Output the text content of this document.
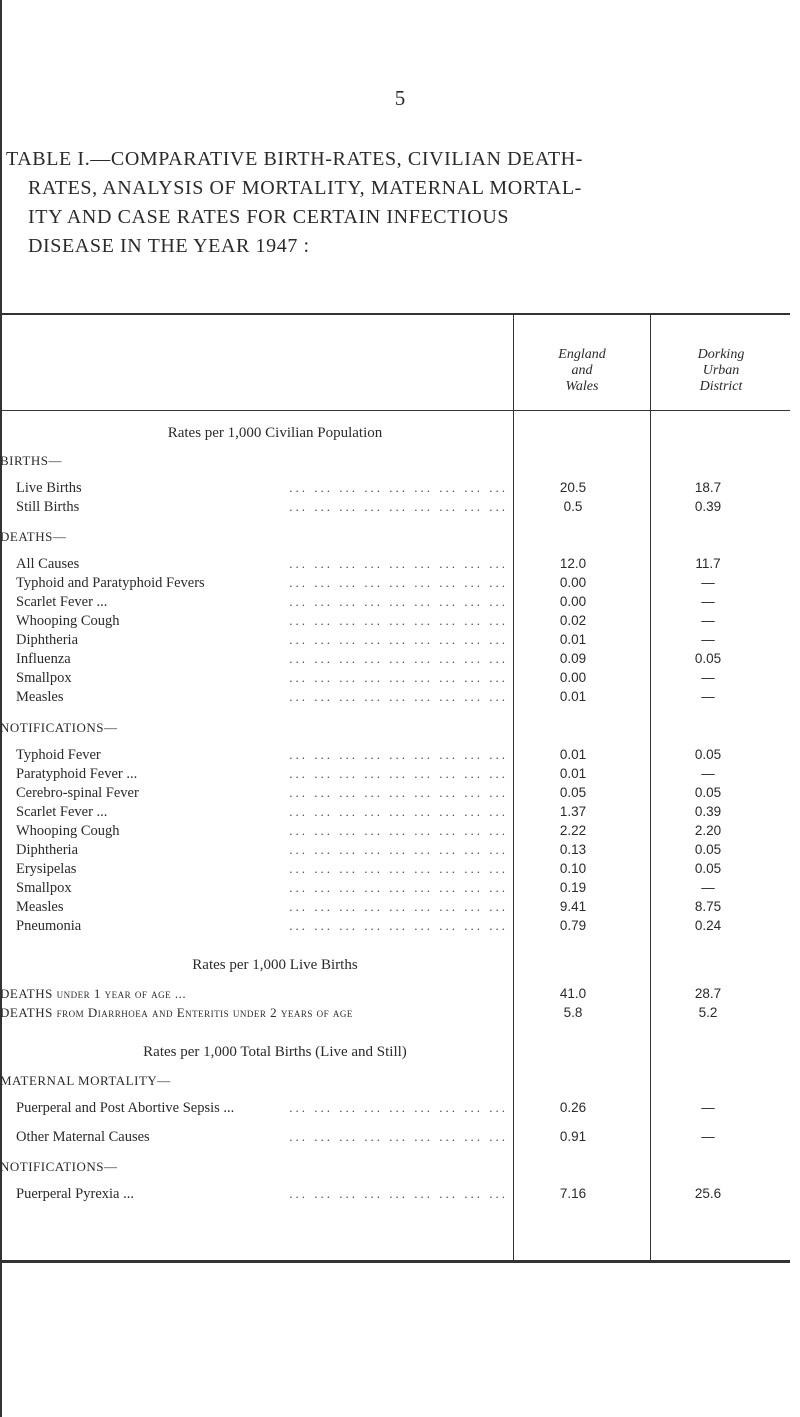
5
TABLE I.—COMPARATIVE BIRTH-RATES, CIVILIAN DEATH-
RATES, ANALYSIS OF MORTALITY, MATERNAL MORTAL-
ITY AND CASE RATES FOR CERTAIN INFECTIOUS
DISEASE IN THE YEAR 1947 :
England
and
Wales
Dorking
Urban
District
Rates per 1,000 Civilian Population
BIRTHS—
Live Births	... ... ... ... ... ... ... ... ...	20.5	18.7
Still Births	... ... ... ... ... ... ... ... ...	0.5	0.39
DEATHS—
All Causes	... ... ... ... ... ... ... ... ...	12.0	11.7
Typhoid and Paratyphoid Fevers	... ... ... ... ... ... ... ... ...	0.00	—
Scarlet Fever ...	... ... ... ... ... ... ... ... ...	0.00	—
Whooping Cough	... ... ... ... ... ... ... ... ...	0.02	—
Diphtheria	... ... ... ... ... ... ... ... ...	0.01	—
Influenza	... ... ... ... ... ... ... ... ...	0.09	0.05
Smallpox	... ... ... ... ... ... ... ... ...	0.00	—
Measles	... ... ... ... ... ... ... ... ...	0.01	—
NOTIFICATIONS—
Typhoid Fever	... ... ... ... ... ... ... ... ...	0.01	0.05
Paratyphoid Fever ...	... ... ... ... ... ... ... ... ...	0.01	—
Cerebro-spinal Fever	... ... ... ... ... ... ... ... ...	0.05	0.05
Scarlet Fever ...	... ... ... ... ... ... ... ... ...	1.37	0.39
Whooping Cough	... ... ... ... ... ... ... ... ...	2.22	2.20
Diphtheria	... ... ... ... ... ... ... ... ...	0.13	0.05
Erysipelas	... ... ... ... ... ... ... ... ...	0.10	0.05
Smallpox	... ... ... ... ... ... ... ... ...	0.19	—
Measles	... ... ... ... ... ... ... ... ...	9.41	8.75
Pneumonia	... ... ... ... ... ... ... ... ...	0.79	0.24
Rates per 1,000 Live Births
DEATHS under 1 year of age ...	41.0	28.7
DEATHS from Diarrhoea and Enteritis under 2 years of age	5.8	5.2
Rates per 1,000 Total Births (Live and Still)
MATERNAL MORTALITY—
Puerperal and Post Abortive Sepsis ...	... ... ... ... ... ... ... ... ...	0.26	—
Other Maternal Causes	... ... ... ... ... ... ... ... ...	0.91	—
NOTIFICATIONS—
Puerperal Pyrexia ...	... ... ... ... ... ... ... ... ...	7.16	25.6
